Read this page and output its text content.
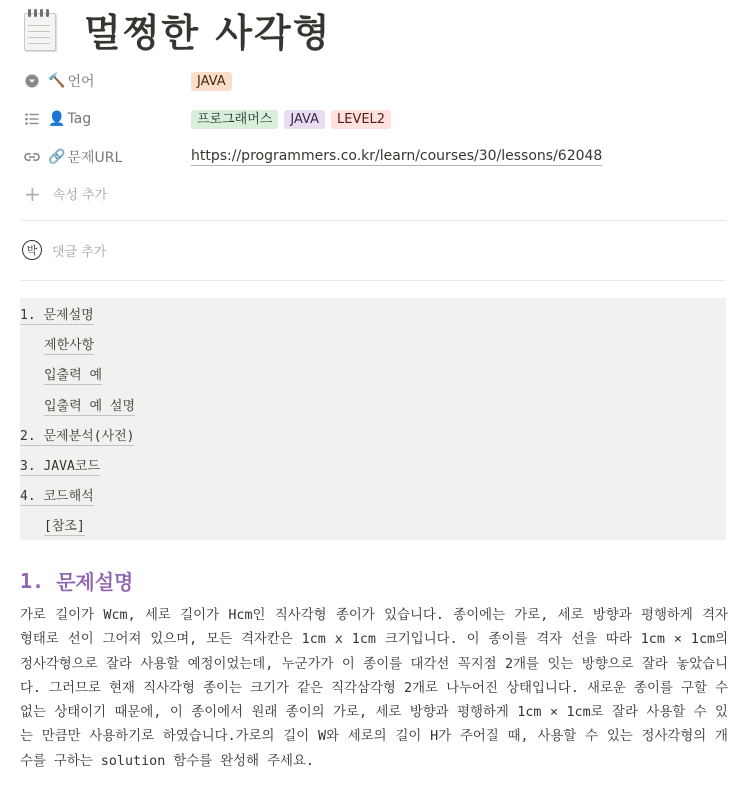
멀쩡한 사각형
🔨 언어	JAVA
👤 Tag	프로그래머스	JAVA	LEVEL2
🔗 문제URL	https://programmers.co.kr/learn/courses/30/lessons/62048
+ 속성 추가
박	댓글 추가
1. 문제설명
제한사항
입출력 예
입출력 예 설명
2. 문제분석(사전)
3. JAVA코드
4. 코드해석
[참조]
1. 문제설명
가로 길이가 Wcm, 세로 길이가 Hcm인 직사각형 종이가 있습니다. 종이에는 가로, 세로 방향과 평행하게 격자 형태로 선이 그어져 있으며, 모든 격자칸은 1cm x 1cm 크기입니다. 이 종이를 격자 선을 따라 1cm × 1cm의 정사각형으로 잘라 사용할 예정이었는데, 누군가가 이 종이를 대각선 꼭지점 2개를 잇는 방향으로 잘라 놓았습니다. 그러므로 현재 직사각형 종이는 크기가 같은 직각삼각형 2개로 나누어진 상태입니다. 새로운 종이를 구할 수 없는 상태이기 때문에, 이 종이에서 원래 종이의 가로, 세로 방향과 평행하게 1cm × 1cm로 잘라 사용할 수 있는 만큼만 사용하기로 하였습니다.가로의 길이 W와 세로의 길이 H가 주어질 때, 사용할 수 있는 정사각형의 개수를 구하는 solution 함수를 완성해 주세요.
